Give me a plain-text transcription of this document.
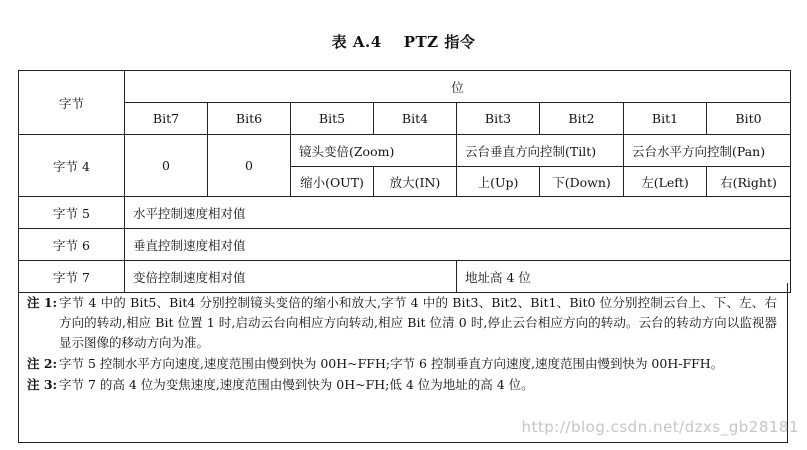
表 A.4 PTZ 指令
字节	位							
	Bit7	Bit6	Bit5	Bit4	Bit3	Bit2	Bit1	Bit0
字节 4	0	0	镜头变倍(Zoom)		云台垂直方向控制(Tilt)		云台水平方向控制(Pan)	
			缩小(OUT)	放大(IN)	上(Up)	下(Down)	左(Left)	右(Right)
字节 5	水平控制速度相对值							
字节 6	垂直控制速度相对值							
字节 7	变倍控制速度相对值				地址高 4 位			
注 1: 字节 4 中的 Bit5、Bit4 分别控制镜头变倍的缩小和放大,字节 4 中的 Bit3、Bit2、Bit1、Bit0 位分别控制云台上、下、左、右方向的转动,相应 Bit 位置 1 时,启动云台向相应方向转动,相应 Bit 位清 0 时,停止云台相应方向的转动。云台的转动方向以监视器显示图像的移动方向为准。
注 2: 字节 5 控制水平方向速度,速度范围由慢到快为 00H~FFH;字节 6 控制垂直方向速度,速度范围由慢到快为 00H-FFH。
注 3: 字节 7 的高 4 位为变焦速度,速度范围由慢到快为 0H~FH;低 4 位为地址的高 4 位。
http://blog.csdn.net/dzxs_gb28181
